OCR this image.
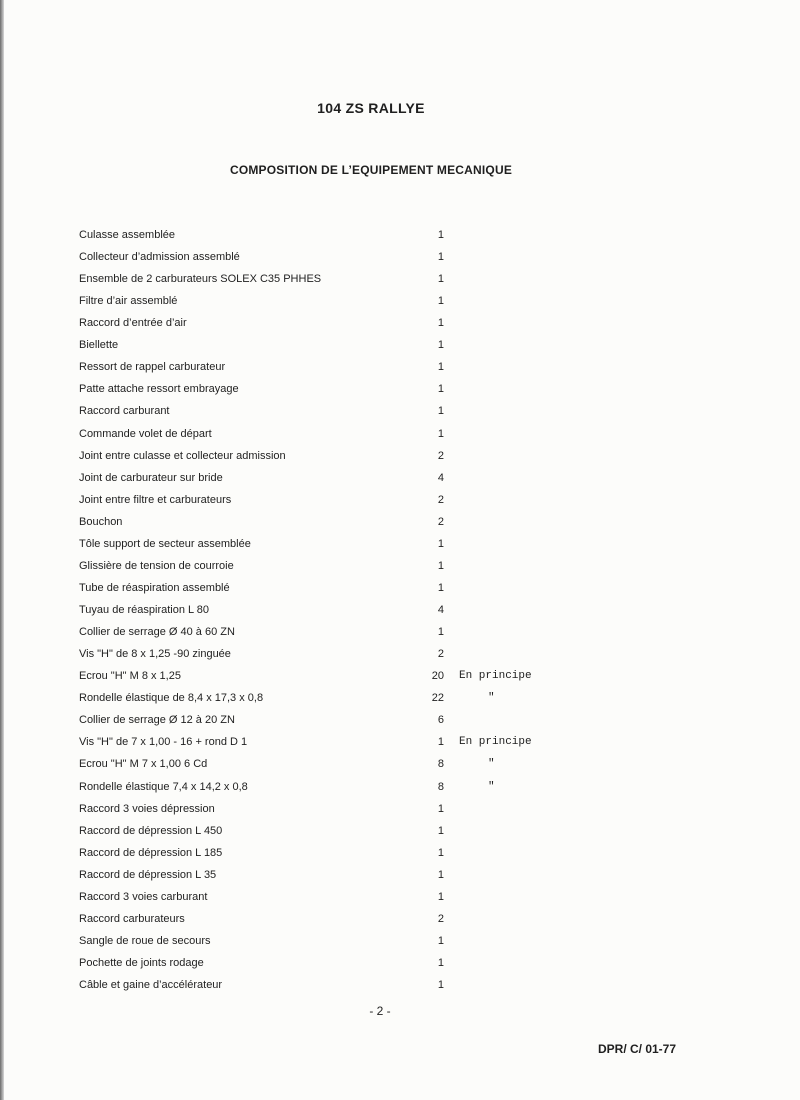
104 ZS RALLYE
COMPOSITION DE L’EQUIPEMENT MECANIQUE
Culasse assemblée	1
Collecteur d’admission assemblé	1
Ensemble de 2 carburateurs SOLEX C35 PHHES	1
Filtre d’air assemblé	1
Raccord d’entrée d’air	1
Biellette	1
Ressort de rappel carburateur	1
Patte attache ressort embrayage	1
Raccord carburant	1
Commande volet de départ	1
Joint entre culasse et collecteur admission	2
Joint de carburateur sur bride	4
Joint entre filtre et carburateurs	2
Bouchon	2
Tôle support de secteur assemblée	1
Glissière de tension de courroie	1
Tube de réaspiration assemblé	1
Tuyau de réaspiration L 80	4
Collier de serrage Ø 40 à 60 ZN	1
Vis "H" de 8 x 1,25 -90 zinguée	2
Ecrou "H" M 8 x 1,25	20 En principe
Rondelle élastique de 8,4 x 17,3 x 0,8	22	"
Collier de serrage Ø 12 à 20 ZN	6
Vis "H" de 7 x 1,00 - 16 + rond D 1	1 En principe
Ecrou "H" M 7 x 1,00 6 Cd	8	"
Rondelle élastique 7,4 x 14,2 x 0,8	8	"
Raccord 3 voies dépression	1
Raccord de dépression L 450	1
Raccord de dépression L 185	1
Raccord de dépression L 35	1
Raccord 3 voies carburant	1
Raccord carburateurs	2
Sangle de roue de secours	1
Pochette de joints rodage	1
Câble et gaine d’accélérateur	1
- 2 -
DPR/ C/ 01-77
